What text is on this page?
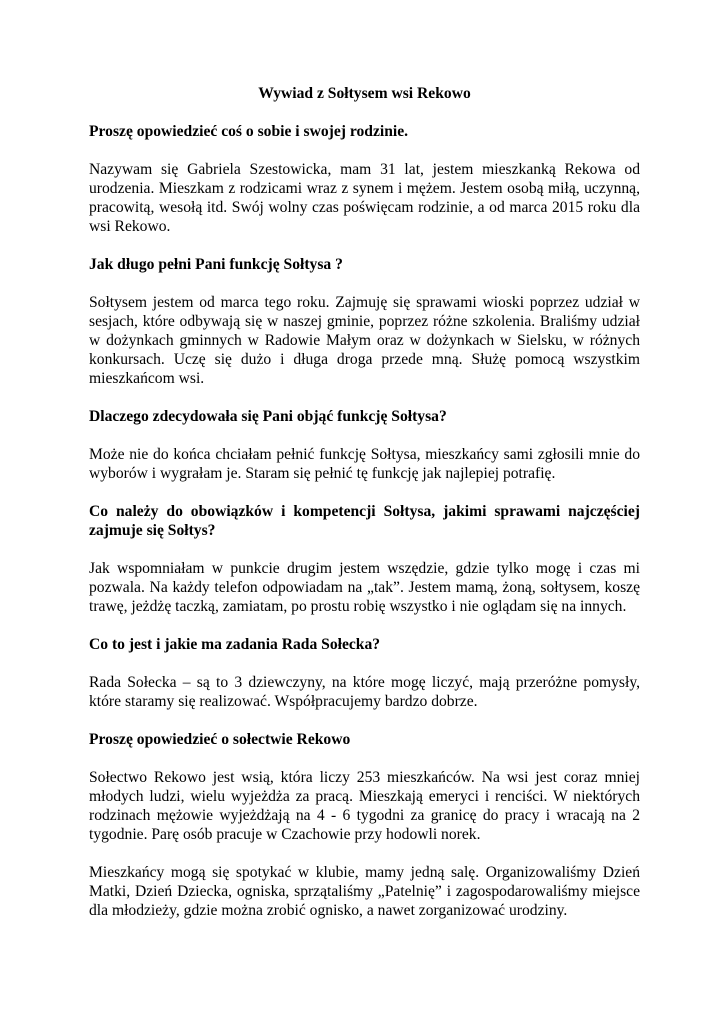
Wywiad z Sołtysem wsi Rekowo
Proszę opowiedzieć coś o sobie i swojej rodzinie.
Nazywam się Gabriela Szestowicka, mam 31 lat, jestem mieszkanką Rekowa od urodzenia. Mieszkam z rodzicami wraz z synem i mężem. Jestem osobą miłą, uczynną, pracowitą, wesołą itd. Swój wolny czas poświęcam rodzinie, a od marca 2015 roku dla wsi Rekowo.
Jak długo pełni Pani funkcję Sołtysa ?
Sołtysem jestem od marca tego roku. Zajmuję się sprawami wioski poprzez udział w sesjach, które odbywają się w naszej gminie, poprzez różne szkolenia. Braliśmy udział w dożynkach gminnych w Radowie Małym oraz w dożynkach w Sielsku, w różnych konkursach. Uczę się dużo i długa droga przede mną. Służę pomocą wszystkim mieszkańcom wsi.
Dlaczego zdecydowała się Pani objąć funkcję Sołtysa?
Może nie do końca chciałam pełnić funkcję Sołtysa, mieszkańcy sami zgłosili mnie do wyborów i wygrałam je. Staram się pełnić tę funkcję jak najlepiej potrafię.
Co należy do obowiązków i kompetencji Sołtysa, jakimi sprawami najczęściej zajmuje się Sołtys?
Jak wspomniałam w punkcie drugim jestem wszędzie, gdzie tylko mogę i czas mi pozwala. Na każdy telefon odpowiadam na „tak”. Jestem mamą, żoną, sołtysem, koszę trawę, jeżdżę taczką, zamiatam, po prostu robię wszystko i nie oglądam się na innych.
Co to jest i jakie ma zadania Rada Sołecka?
Rada Sołecka – są to 3 dziewczyny, na które mogę liczyć, mają przeróżne pomysły, które staramy się realizować. Współpracujemy bardzo dobrze.
Proszę opowiedzieć o sołectwie Rekowo
Sołectwo Rekowo jest wsią, która liczy 253 mieszkańców. Na wsi jest coraz mniej młodych ludzi, wielu wyjeżdża za pracą. Mieszkają emeryci i renciści. W niektórych rodzinach mężowie wyjeżdżają na 4 - 6 tygodni za granicę do pracy i wracają na 2 tygodnie. Parę osób pracuje w Czachowie przy hodowli norek.
Mieszkańcy mogą się spotykać w klubie, mamy jedną salę. Organizowaliśmy Dzień Matki, Dzień Dziecka, ogniska, sprzątaliśmy „Patelnię” i zagospodarowaliśmy miejsce dla młodzieży, gdzie można zrobić ognisko, a nawet zorganizować urodziny.
